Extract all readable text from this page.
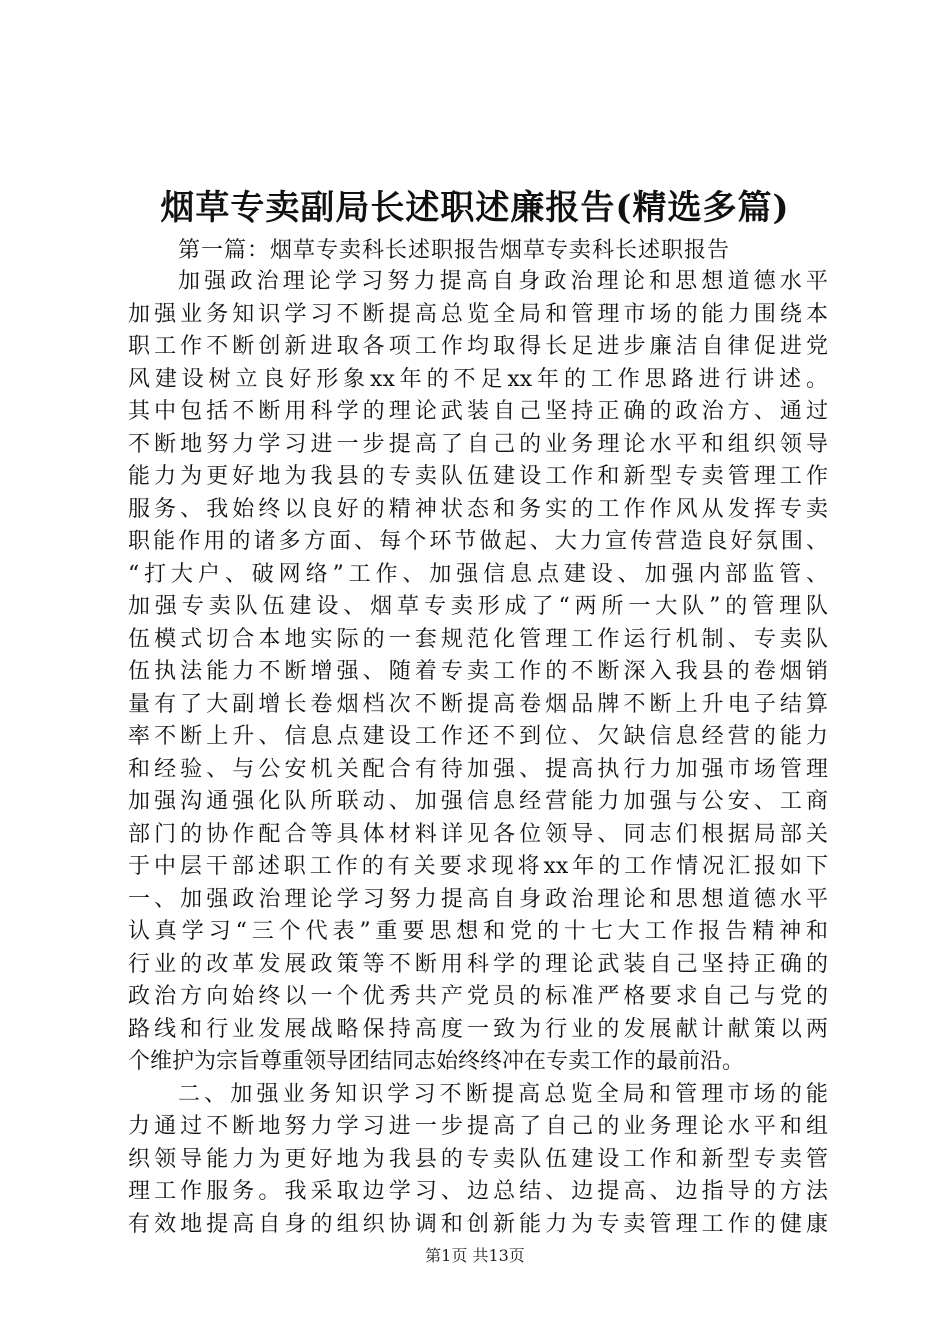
烟草专卖副局长述职述廉报告(精选多篇)
第一篇：烟草专卖科长述职报告烟草专卖科长述职报告
加强政治理论学习努力提高自身政治理论和思想道德水平
加强业务知识学习不断提高总览全局和管理市场的能力围绕本
职工作不断创新进取各项工作均取得长足进步廉洁自律促进党
风建设树立良好形象xx年的不足xx年的工作思路进行讲述。
其中包括不断用科学的理论武装自己坚持正确的政治方、通过
不断地努力学习进一步提高了自己的业务理论水平和组织领导
能力为更好地为我县的专卖队伍建设工作和新型专卖管理工作
服务、我始终以良好的精神状态和务实的工作作风从发挥专卖
职能作用的诸多方面、每个环节做起、大力宣传营造良好氛围、
“打大户、破网络”工作、加强信息点建设、加强内部监管、
加强专卖队伍建设、烟草专卖形成了“两所一大队”的管理队
伍模式切合本地实际的一套规范化管理工作运行机制、专卖队
伍执法能力不断增强、随着专卖工作的不断深入我县的卷烟销
量有了大副增长卷烟档次不断提高卷烟品牌不断上升电子结算
率不断上升、信息点建设工作还不到位、欠缺信息经营的能力
和经验、与公安机关配合有待加强、提高执行力加强市场管理
加强沟通强化队所联动、加强信息经营能力加强与公安、工商
部门的协作配合等具体材料详见各位领导、同志们根据局部关
于中层干部述职工作的有关要求现将xx年的工作情况汇报如下
一、加强政治理论学习努力提高自身政治理论和思想道德水平
认真学习“三个代表”重要思想和党的十七大工作报告精神和
行业的改革发展政策等不断用科学的理论武装自己坚持正确的
政治方向始终以一个优秀共产党员的标准严格要求自己与党的
路线和行业发展战略保持高度一致为行业的发展献计献策以两
个维护为宗旨尊重领导团结同志始终终冲在专卖工作的最前沿。
二、加强业务知识学习不断提高总览全局和管理市场的能
力通过不断地努力学习进一步提高了自己的业务理论水平和组
织领导能力为更好地为我县的专卖队伍建设工作和新型专卖管
理工作服务。我采取边学习、边总结、边提高、边指导的方法
有效地提高自身的组织协调和创新能力为专卖管理工作的健康
第1页 共13页
